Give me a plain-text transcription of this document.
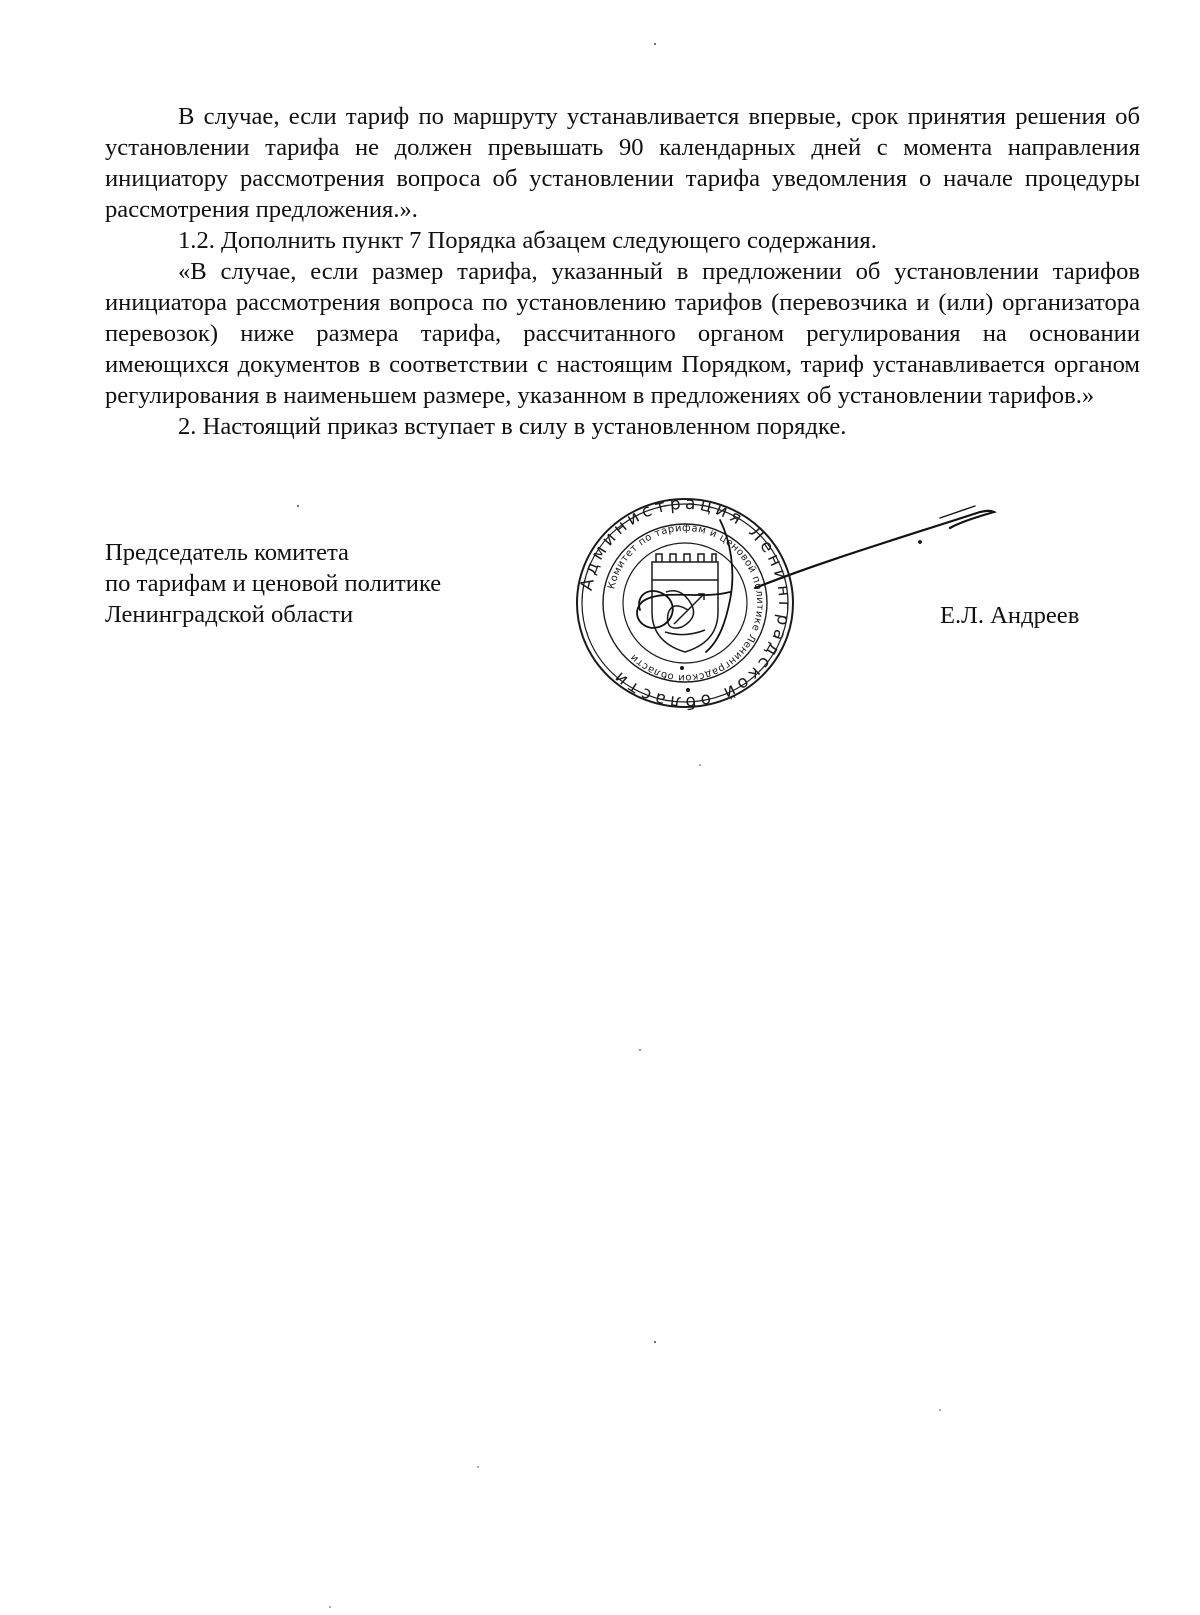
В случае, если тариф по маршруту устанавливается впервые, срок принятия решения об установлении тарифа не должен превышать 90 календарных дней с момента направления инициатору рассмотрения вопроса об установлении тарифа уведомления о начале процедуры рассмотрения предложения.».

1.2. Дополнить пункт 7 Порядка абзацем следующего содержания.

«В случае, если размер тарифа, указанный в предложении об установлении тарифов инициатора рассмотрения вопроса по установлению тарифов (перевозчика и (или) организатора перевозок) ниже размера тарифа, рассчитанного органом регулирования на основании имеющихся документов в соответствии с настоящим Порядком, тариф устанавливается органом регулирования в наименьшем размере, указанном в предложениях об установлении тарифов.»

2. Настоящий приказ вступает в силу в установленном порядке.

Председатель комитета
по тарифам и ценовой политике
Ленинградской области	Е.Л. Андреев
Администрация Ленинградской области
Комитет по тарифам и ценовой политике Ленинградской области
